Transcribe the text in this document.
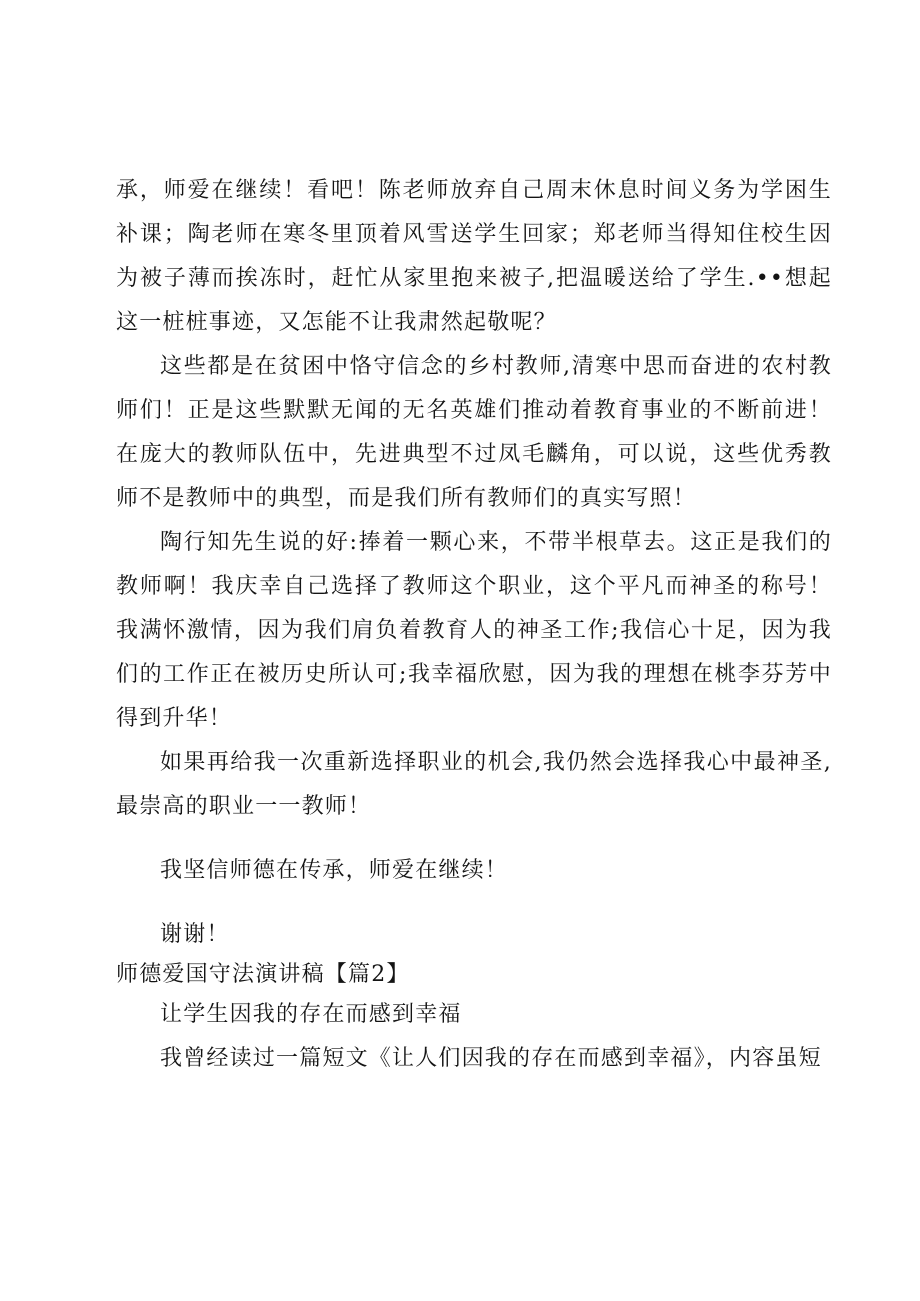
承，师爱在继续！看吧！陈老师放弃自己周末休息时间义务为学困生补课；陶老师在寒冬里顶着风雪送学生回家；郑老师当得知住校生因为被子薄而挨冻时，赶忙从家里抱来被子,把温暖送给了学生.••想起这一桩桩事迹，又怎能不让我肃然起敬呢？

这些都是在贫困中恪守信念的乡村教师,清寒中思而奋进的农村教师们！正是这些默默无闻的无名英雄们推动着教育事业的不断前进！在庞大的教师队伍中，先进典型不过凤毛麟角，可以说，这些优秀教师不是教师中的典型，而是我们所有教师们的真实写照！

陶行知先生说的好:捧着一颗心来，不带半根草去。这正是我们的教师啊！我庆幸自己选择了教师这个职业，这个平凡而神圣的称号！我满怀激情，因为我们肩负着教育人的神圣工作;我信心十足，因为我们的工作正在被历史所认可;我幸福欣慰，因为我的理想在桃李芬芳中得到升华！

如果再给我一次重新选择职业的机会,我仍然会选择我心中最神圣,最崇高的职业一一教师！

我坚信师德在传承，师爱在继续！

谢谢！

师德爱国守法演讲稿【篇2】

让学生因我的存在而感到幸福

我曾经读过一篇短文《让人们因我的存在而感到幸福》，内容虽短
